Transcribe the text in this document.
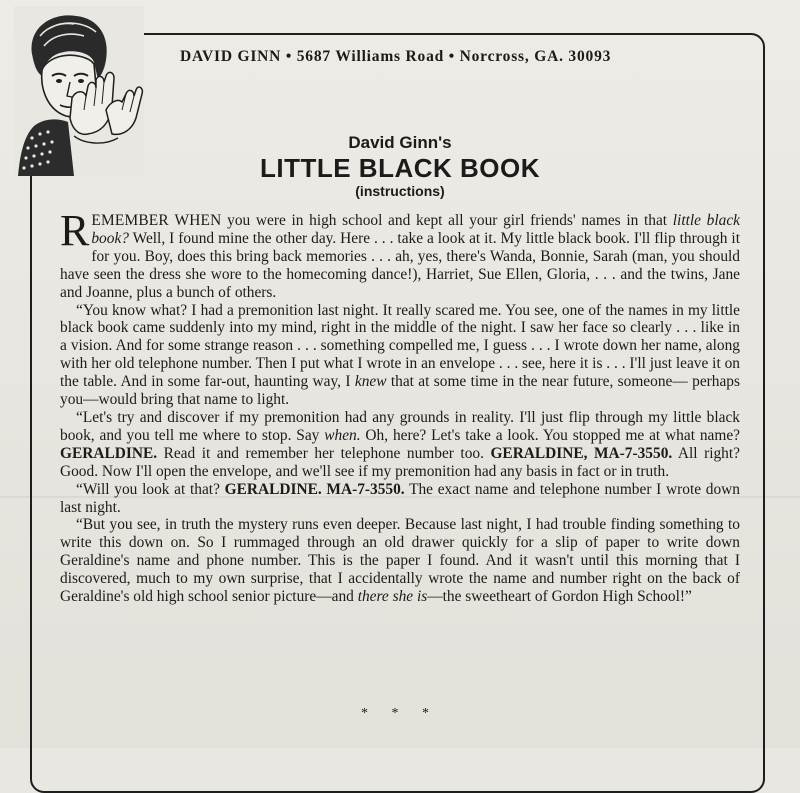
DAVID GINN • 5687 Williams Road • Norcross, GA. 30093
David Ginn's
LITTLE BLACK BOOK
(instructions)

REMEMBER WHEN you were in high school and kept all your girl friends' names in that little black book? Well, I found mine the other day. Here . . . take a look at it. My little black book. I'll flip through it for you. Boy, does this bring back memories . . . ah, yes, there's Wanda, Bonnie, Sarah (man, you should have seen the dress she wore to the homecoming dance!), Harriet, Sue Ellen, Gloria, . . . and the twins, Jane and Joanne, plus a bunch of others.

“You know what? I had a premonition last night. It really scared me. You see, one of the names in my little black book came suddenly into my mind, right in the middle of the night. I saw her face so clearly . . . like in a vision. And for some strange reason . . . something compelled me, I guess . . . I wrote down her name, along with her old telephone number. Then I put what I wrote in an envelope . . . see, here it is . . . I'll just leave it on the table. And in some far-out, haunting way, I knew that at some time in the near future, someone— perhaps you—would bring that name to light.

“Let's try and discover if my premonition had any grounds in reality. I'll just flip through my little black book, and you tell me where to stop. Say when. Oh, here? Let's take a look. You stopped me at what name? GERALDINE. Read it and remember her telephone number too. GERALDINE, MA-7-3550. All right? Good. Now I'll open the envelope, and we'll see if my premonition had any basis in fact or in truth.

“Will you look at that? GERALDINE. MA-7-3550. The exact name and telephone number I wrote down last night.

“But you see, in truth the mystery runs even deeper. Because last night, I had trouble finding something to write this down on. So I rummaged through an old drawer quickly for a slip of paper to write down Geraldine's name and phone number. This is the paper I found. And it wasn't until this morning that I discovered, much to my own surprise, that I accidentally wrote the name and number right on the back of Geraldine's old high school senior picture—and there she is—the sweetheart of Gordon High School!”

* * *
